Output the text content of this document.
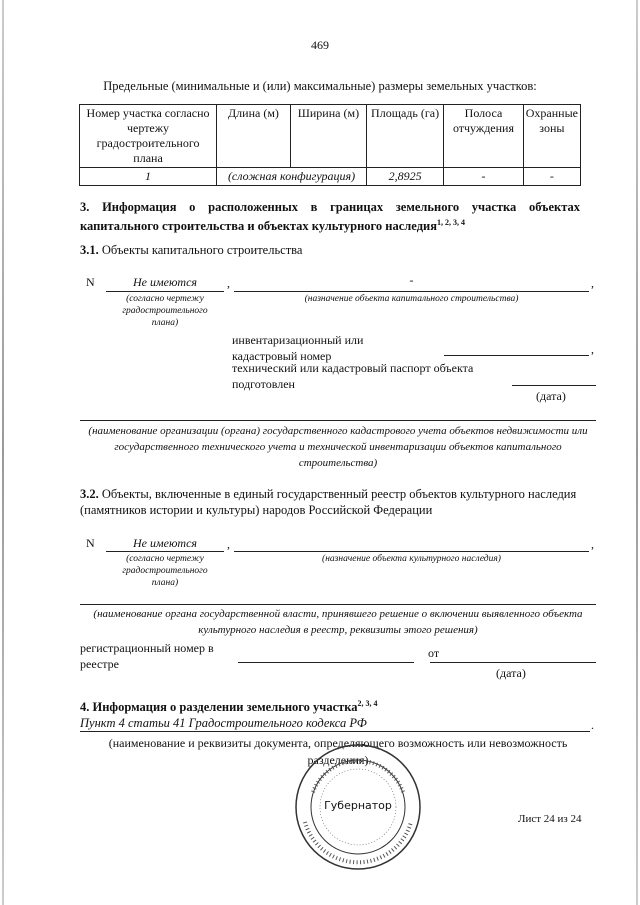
469
Предельные (минимальные и (или) максимальные) размеры земельных участков:
Номер участка согласно чертежу градостроительного плана	Длина (м)	Ширина (м)	Площадь (га)	Полоса отчуждения	Охранные зоны
1	(сложная конфигурация)		2,8925	-	-
3. Информация о расположенных в границах земельного участка объектах капитального строительства и объектах культурного наследия$^{1, 2, 3, 4}$
3.1. Объекты капитального строительства
N	Не имеются	,	-	,
(согласно чертежу градостроительного плана)
(назначение объекта капитального строительства)
инвентаризационный или кадастровый номер	,
технический или кадастровый паспорт объекта подготовлен
(дата)
(наименование организации (органа) государственного кадастрового учета объектов недвижимости или государственного технического учета и технической инвентаризации объектов капитального строительства)
3.2. Объекты, включенные в единый государственный реестр объектов культурного наследия (памятников истории и культуры) народов Российской Федерации
N	Не имеются	,	,
(согласно чертежу градостроительного плана)
(назначение объекта культурного наследия)
(наименование органа государственной власти, принявшего решение о включении выявленного объекта культурного наследия в реестр, реквизиты этого решения)
регистрационный номер в реестре
от
(дата)
4. Информация о разделении земельного участка$^{2, 3, 4}$
Пункт 4 статьи 41 Градостроительного кодекса РФ	.
(наименование и реквизиты документа, определяющего возможность или невозможность разделения)
Губернатор
Лист 24 из 24
